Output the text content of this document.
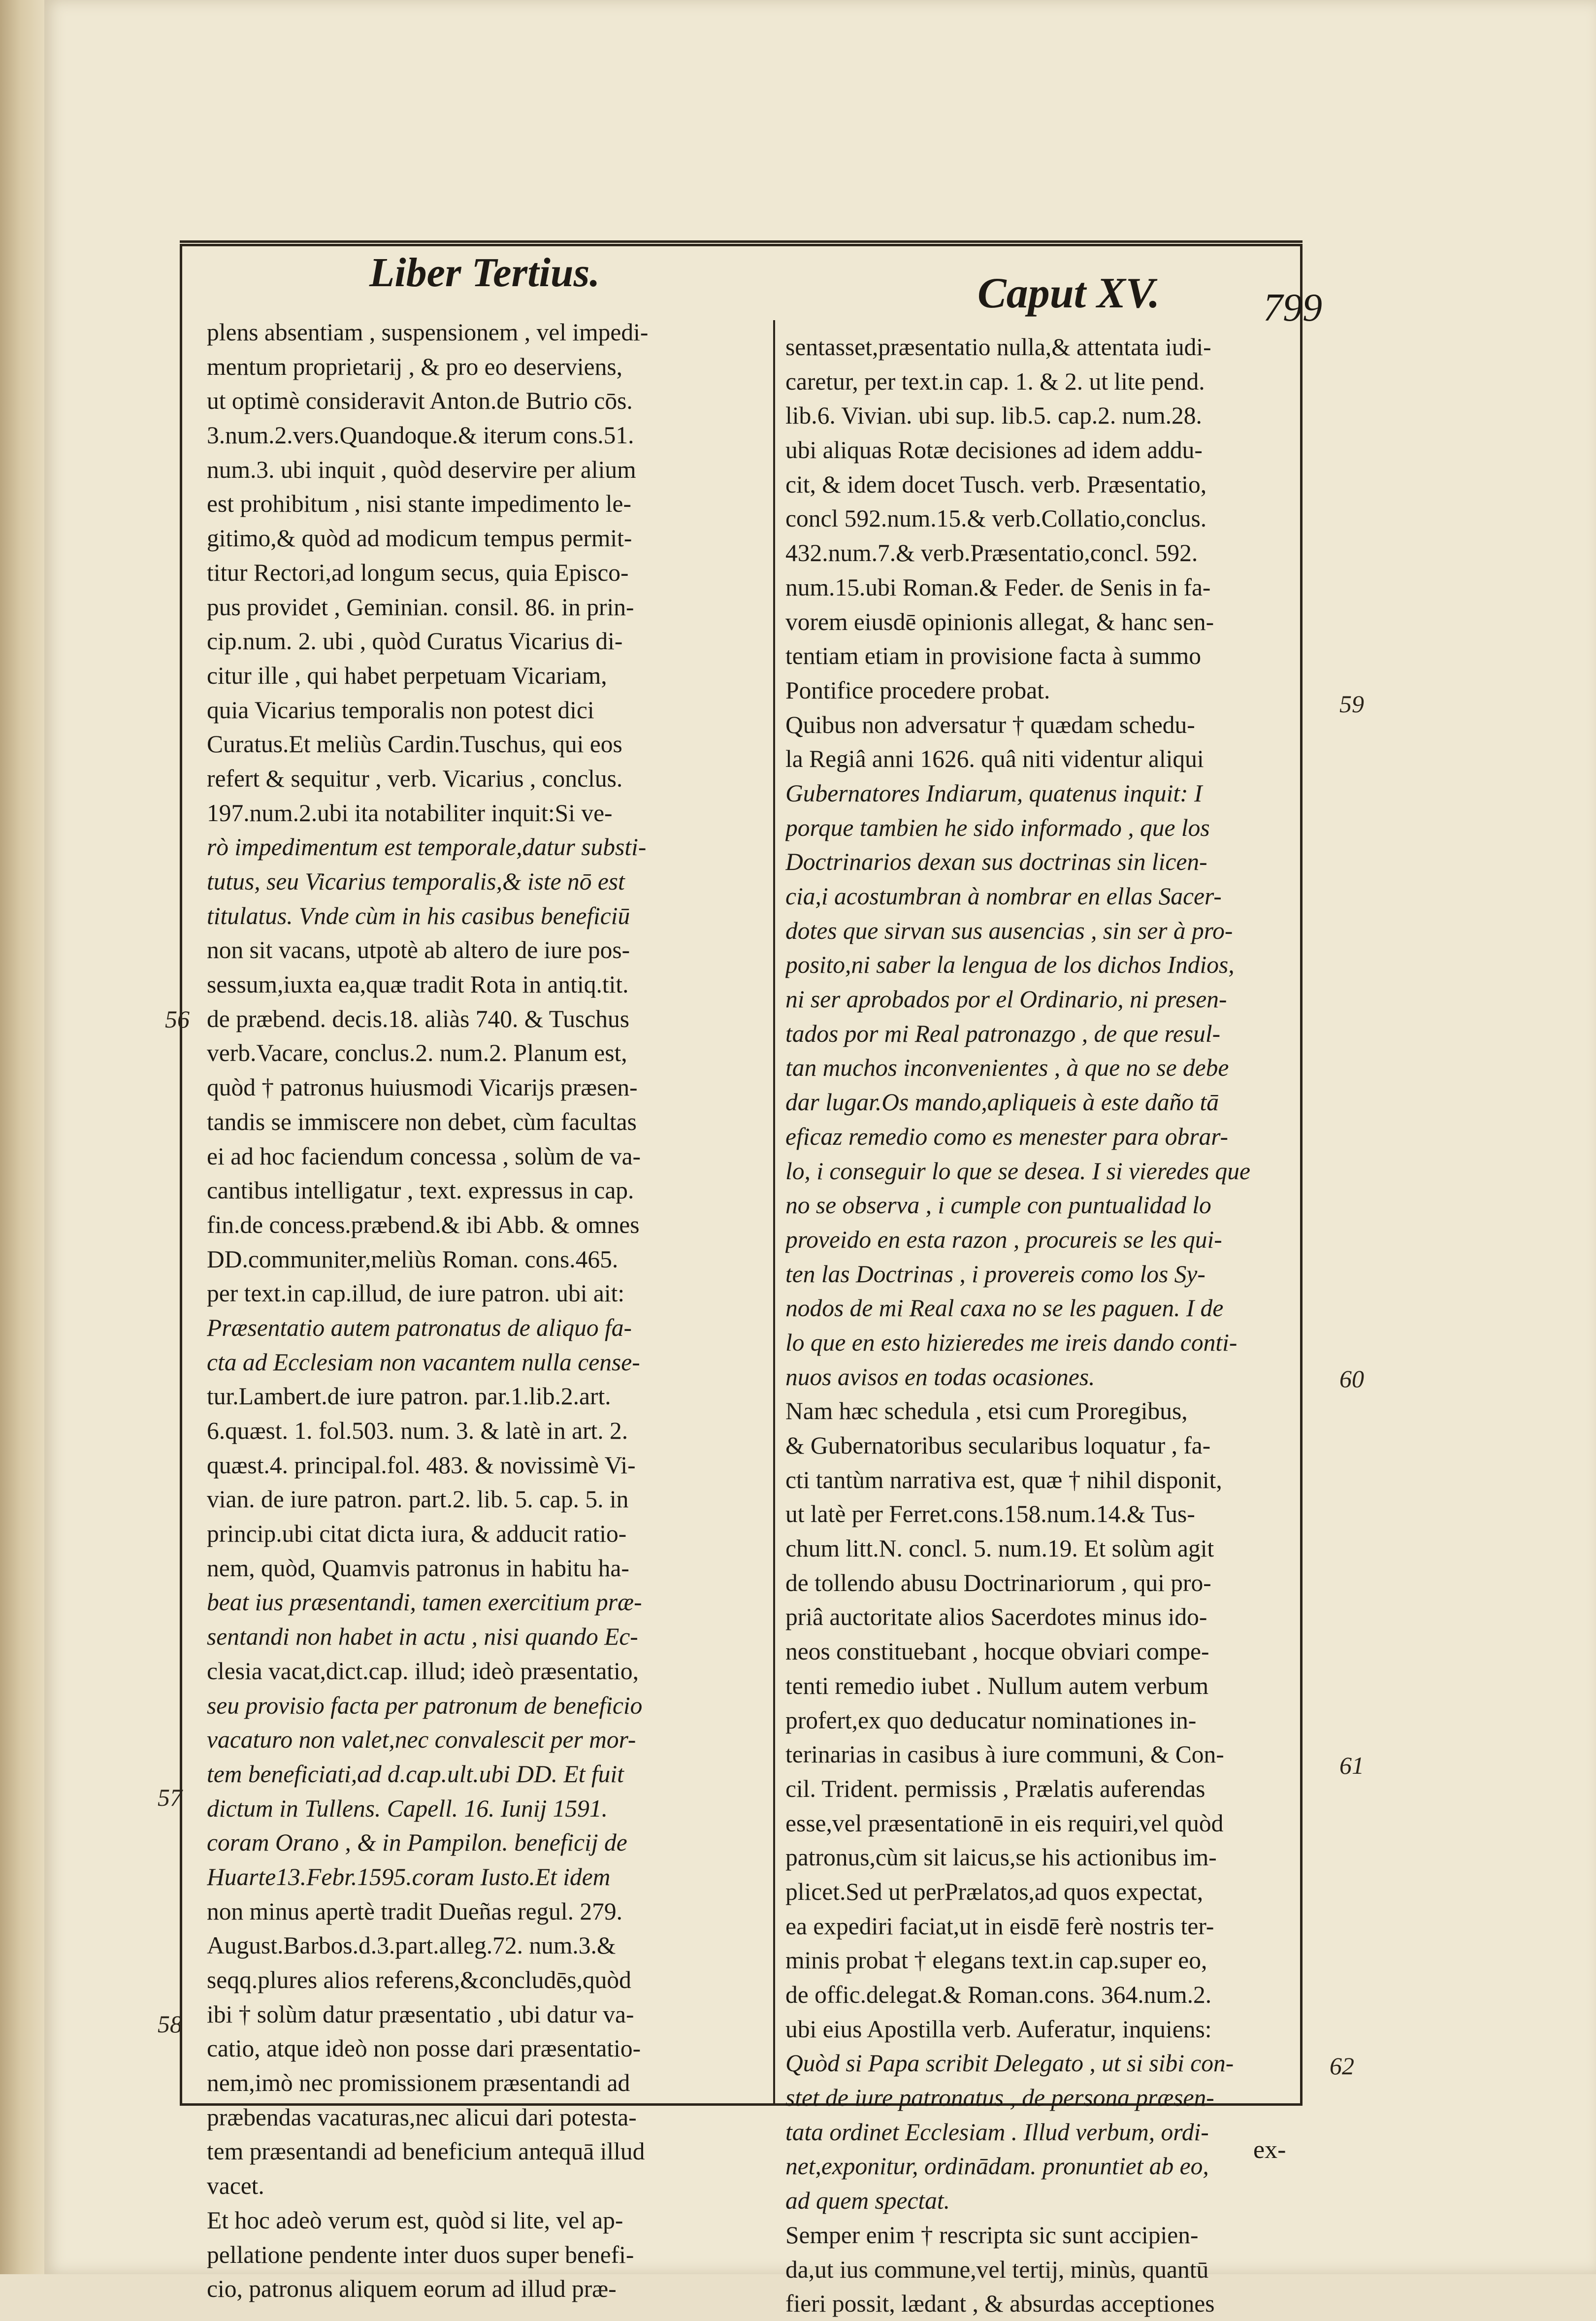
Liber Tertius.	Caput XV.	799
plens absentiam , suspensionem , vel impedi-
mentum proprietarij , & pro eo deserviens,
ut optimè consideravit Anton.de Butrio cōs.
3.num.2.vers.Quandoque.& iterum cons.51.
num.3. ubi inquit , quòd deservire per alium
est prohibitum , nisi stante impedimento le-
gitimo,& quòd ad modicum tempus permit-
titur Rectori,ad longum secus, quia Episco-
pus providet , Geminian. consil. 86. in prin-
cip.num. 2. ubi , quòd Curatus Vicarius di-
citur ille , qui habet perpetuam Vicariam,
quia Vicarius temporalis non potest dici
Curatus.Et meliùs Cardin.Tuschus, qui eos
refert & sequitur , verb. Vicarius , conclus.
197.num.2.ubi ita notabiliter inquit:Si ve-
rò impedimentum est temporale,datur substi-
tutus, seu Vicarius temporalis,& iste nō est
titulatus. Vnde cùm in his casibus beneficiū
non sit vacans, utpotè ab altero de iure pos-
sessum,iuxta ea,quæ tradit Rota in antiq.tit.
de præbend. decis.18. aliàs 740. & Tuschus
verb.Vacare, conclus.2. num.2. Planum est,
quòd † patronus huiusmodi Vicarijs præsen-
tandis se immiscere non debet, cùm facultas
ei ad hoc faciendum concessa , solùm de va-
cantibus intelligatur , text. expressus in cap.
fin.de concess.præbend.& ibi Abb. & omnes
DD.communiter,meliùs Roman. cons.465.
per text.in cap.illud, de iure patron. ubi ait:
Præsentatio autem patronatus de aliquo fa-
cta ad Ecclesiam non vacantem nulla cense-
tur.Lambert.de iure patron. par.1.lib.2.art.
6.quæst. 1. fol.503. num. 3. & latè in art. 2.
quæst.4. principal.fol. 483. & novissimè Vi-
vian. de iure patron. part.2. lib. 5. cap. 5. in
princip.ubi citat dicta iura, & adducit ratio-
nem, quòd, Quamvis patronus in habitu ha-
beat ius præsentandi, tamen exercitium præ-
sentandi non habet in actu , nisi quando Ec-
clesia vacat,dict.cap. illud; ideò præsentatio,
seu provisio facta per patronum de beneficio
vacaturo non valet,nec convalescit per mor-
tem beneficiati,ad d.cap.ult.ubi DD. Et fuit
dictum in Tullens. Capell. 16. Iunij 1591.
coram Orano , & in Pampilon. beneficij de
Huarte13.Febr.1595.coram Iusto.Et idem
non minus apertè tradit Dueñas regul. 279.
August.Barbos.d.3.part.alleg.72. num.3.&
seqq.plures alios referens,&concludēs,quòd
ibi † solùm datur præsentatio , ubi datur va-
catio, atque ideò non posse dari præsentatio-
nem,imò nec promissionem præsentandi ad
præbendas vacaturas,nec alicui dari potesta-
tem præsentandi ad beneficium antequā illud
vacet.
Et hoc adeò verum est, quòd si lite, vel ap-
pellatione pendente inter duos super benefi-
cio, patronus aliquem eorum ad illud præ-
sentasset,præsentatio nulla,& attentata iudi-
caretur, per text.in cap. 1. & 2. ut lite pend.
lib.6. Vivian. ubi sup. lib.5. cap.2. num.28.
ubi aliquas Rotæ decisiones ad idem addu-
cit, & idem docet Tusch. verb. Præsentatio,
concl 592.num.15.& verb.Collatio,conclus.
432.num.7.& verb.Præsentatio,concl. 592.
num.15.ubi Roman.& Feder. de Senis in fa-
vorem eiusdē opinionis allegat, & hanc sen-
tentiam etiam in provisione facta à summo
Pontifice procedere probat.
Quibus non adversatur † quædam schedu-
la Regiâ anni 1626. quâ niti videntur aliqui
Gubernatores Indiarum, quatenus inquit: I
porque tambien he sido informado , que los
Doctrinarios dexan sus doctrinas sin licen-
cia,i acostumbran à nombrar en ellas Sacer-
dotes que sirvan sus ausencias , sin ser à pro-
posito,ni saber la lengua de los dichos Indios,
ni ser aprobados por el Ordinario, ni presen-
tados por mi Real patronazgo , de que resul-
tan muchos inconvenientes , à que no se debe
dar lugar.Os mando,apliqueis à este daño tā
eficaz remedio como es menester para obrar-
lo, i conseguir lo que se desea. I si vieredes que
no se observa , i cumple con puntualidad lo
proveido en esta razon , procureis se les qui-
ten las Doctrinas , i provereis como los Sy-
nodos de mi Real caxa no se les paguen. I de
lo que en esto hizieredes me ireis dando conti-
nuos avisos en todas ocasiones.
Nam hæc schedula , etsi cum Proregibus,
& Gubernatoribus secularibus loquatur , fa-
cti tantùm narrativa est, quæ † nihil disponit,
ut latè per Ferret.cons.158.num.14.& Tus-
chum litt.N. concl. 5. num.19. Et solùm agit
de tollendo abusu Doctrinariorum , qui pro-
priâ auctoritate alios Sacerdotes minus ido-
neos constituebant , hocque obviari compe-
tenti remedio iubet . Nullum autem verbum
profert,ex quo deducatur nominationes in-
terinarias in casibus à iure communi, & Con-
cil. Trident. permissis , Prælatis auferendas
esse,vel præsentationē in eis requiri,vel quòd
patronus,cùm sit laicus,se his actionibus im-
plicet.Sed ut perPrælatos,ad quos expectat,
ea expediri faciat,ut in eisdē ferè nostris ter-
minis probat † elegans text.in cap.super eo,
de offic.delegat.& Roman.cons. 364.num.2.
ubi eius Apostilla verb. Auferatur, inquiens:
Quòd si Papa scribit Delegato , ut si sibi con-
stet de iure patronatus , de persona præsen-
tata ordinet Ecclesiam . Illud verbum, ordi-
net,exponitur, ordinādam. pronuntiet ab eo,
ad quem spectat.
Semper enim † rescripta sic sunt accipien-
da,ut ius commune,vel tertij, minùs, quantū
fieri possit, lædant , & absurdas acceptiones
56
57
58
59
60
61
62
ex-
